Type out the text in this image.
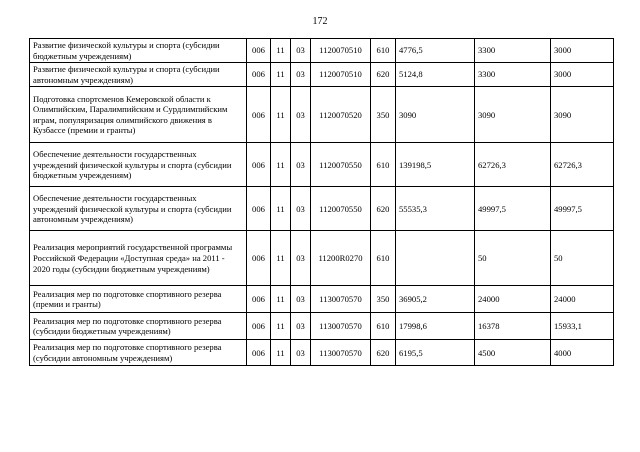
172
Развитие физической культуры и спорта (субсидии бюджетным учреждениям)	006	11	03	1120070510	610	4776,5	3300	3000
Развитие физической культуры и спорта (субсидии автономным учреждениям)	006	11	03	1120070510	620	5124,8	3300	3000
Подготовка спортсменов Кемеровской области к Олимпийским, Паралимпийским и Сурдлимпийским играм, популяризация олимпийского движения в Кузбассе (премии и гранты)	006	11	03	1120070520	350	3090	3090	3090
Обеспечение деятельности государственных учреждений физической культуры и спорта (субсидии бюджетным учреждениям)	006	11	03	1120070550	610	139198,5	62726,3	62726,3
Обеспечение деятельности государственных учреждений физической культуры и спорта (субсидии автономным учреждениям)	006	11	03	1120070550	620	55535,3	49997,5	49997,5
Реализация мероприятий государственной программы Российской Федерации «Доступная среда» на 2011 - 2020 годы (субсидии бюджетным учреждениям)	006	11	03	11200R0270	610		50	50
Реализация мер по подготовке спортивного резерва (премии и гранты)	006	11	03	1130070570	350	36905,2	24000	24000
Реализация мер по подготовке спортивного резерва (субсидии бюджетным учреждениям)	006	11	03	1130070570	610	17998,6	16378	15933,1
Реализация мер по подготовке спортивного резерва (субсидии автономным учреждениям)	006	11	03	1130070570	620	6195,5	4500	4000
